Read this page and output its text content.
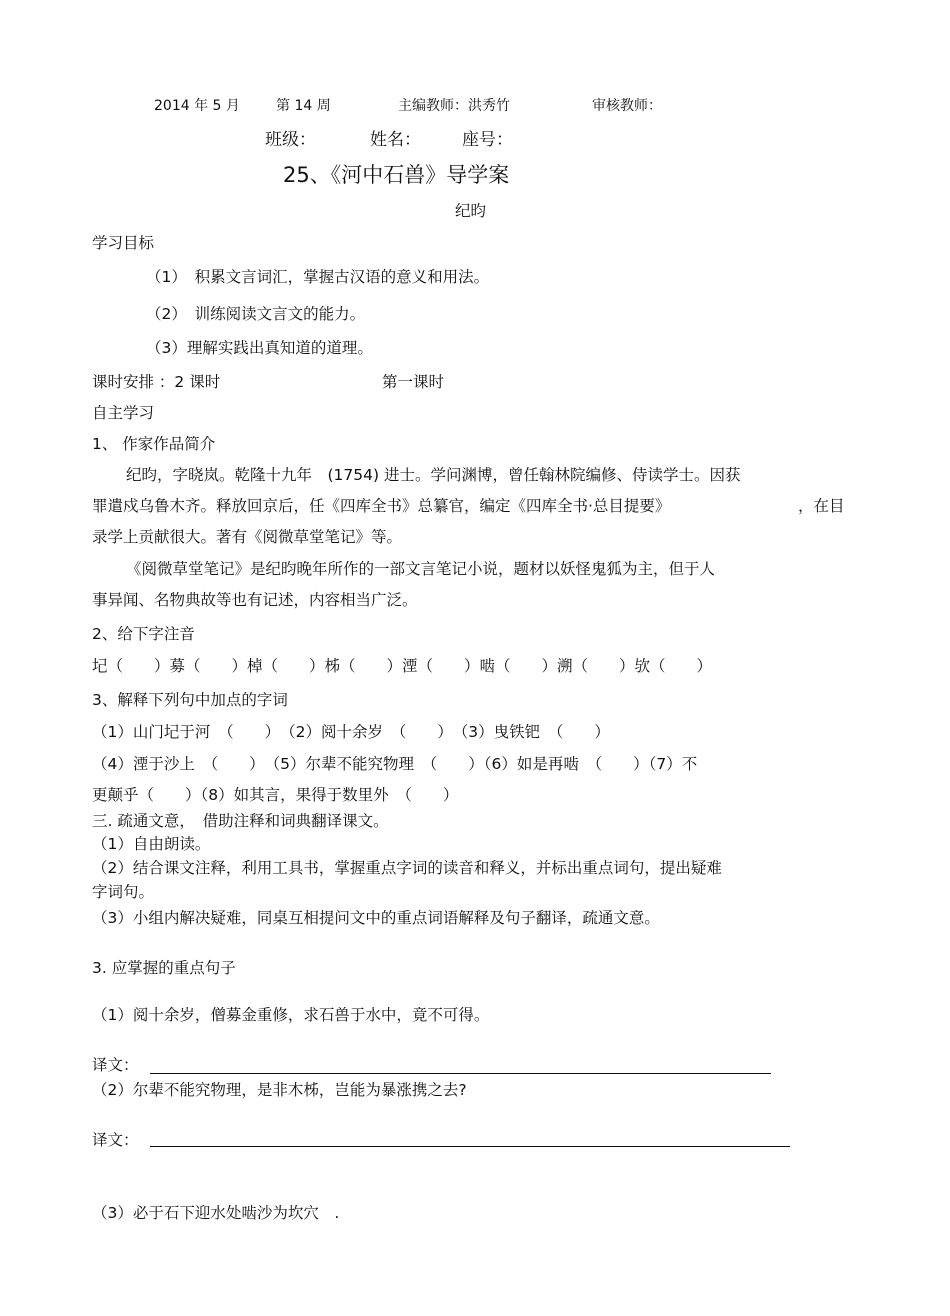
2014 年 5 月	第 14 周	主编教师：洪秀竹	审核教师：
班级：	姓名： 座号：
25、《河中石兽》导学案
纪昀
学习目标
（1）　积累文言词汇，掌握古汉语的意义和用法。
（2）　训练阅读文言文的能力。
（3）理解实践出真知道的道理。
课时安排 ：2 课时	第一课时
自主学习
1、 作家作品简介
纪昀，字晓岚。乾隆十九年　(1754) 进士。学问渊博，曾任翰林院编修、侍读学士。因获
罪遣戍乌鲁木齐。释放回京后，任《四库全书》总纂官，编定《四库全书·总目提要》	，在目
录学上贡献很大。著有《阅微草堂笔记》等。
《阅微草堂笔记》是纪昀晚年所作的一部文言笔记小说，题材以妖怪鬼狐为主，但于人
事异闻、名物典故等也有记述，内容相当广泛。
2、给下字注音
圮（　　）募（　　）棹（　　）柹（　　）湮（　　）啮（　　）溯（　　）欤（　　）
3、解释下列句中加点的字词
（1）山门圮于河　（　　）　（2）阅十余岁　（　　）　（3）曳铁钯　（　　）
（4）湮于沙上　（　　）　（5）尔辈不能究物理　（　　）（6）如是再啮　（　　）（7）不
更颠乎（　　）（8）如其言，果得于数里外　（　　）
三. 疏通文意，　借助注释和词典翻译课文。
（1）自由朗读。
（2）结合课文注释，利用工具书，掌握重点字词的读音和释义，并标出重点词句，提出疑难
字词句。
（3）小组内解决疑难，同桌互相提问文中的重点词语解释及句子翻译，疏通文意。
3. 应掌握的重点句子
（1）阅十余岁，僧募金重修，求石兽于水中，竟不可得。
译文：
（2）尔辈不能究物理，是非木柹，岂能为暴涨携之去?
译文：
（3）必于石下迎水处啮沙为坎穴　.
